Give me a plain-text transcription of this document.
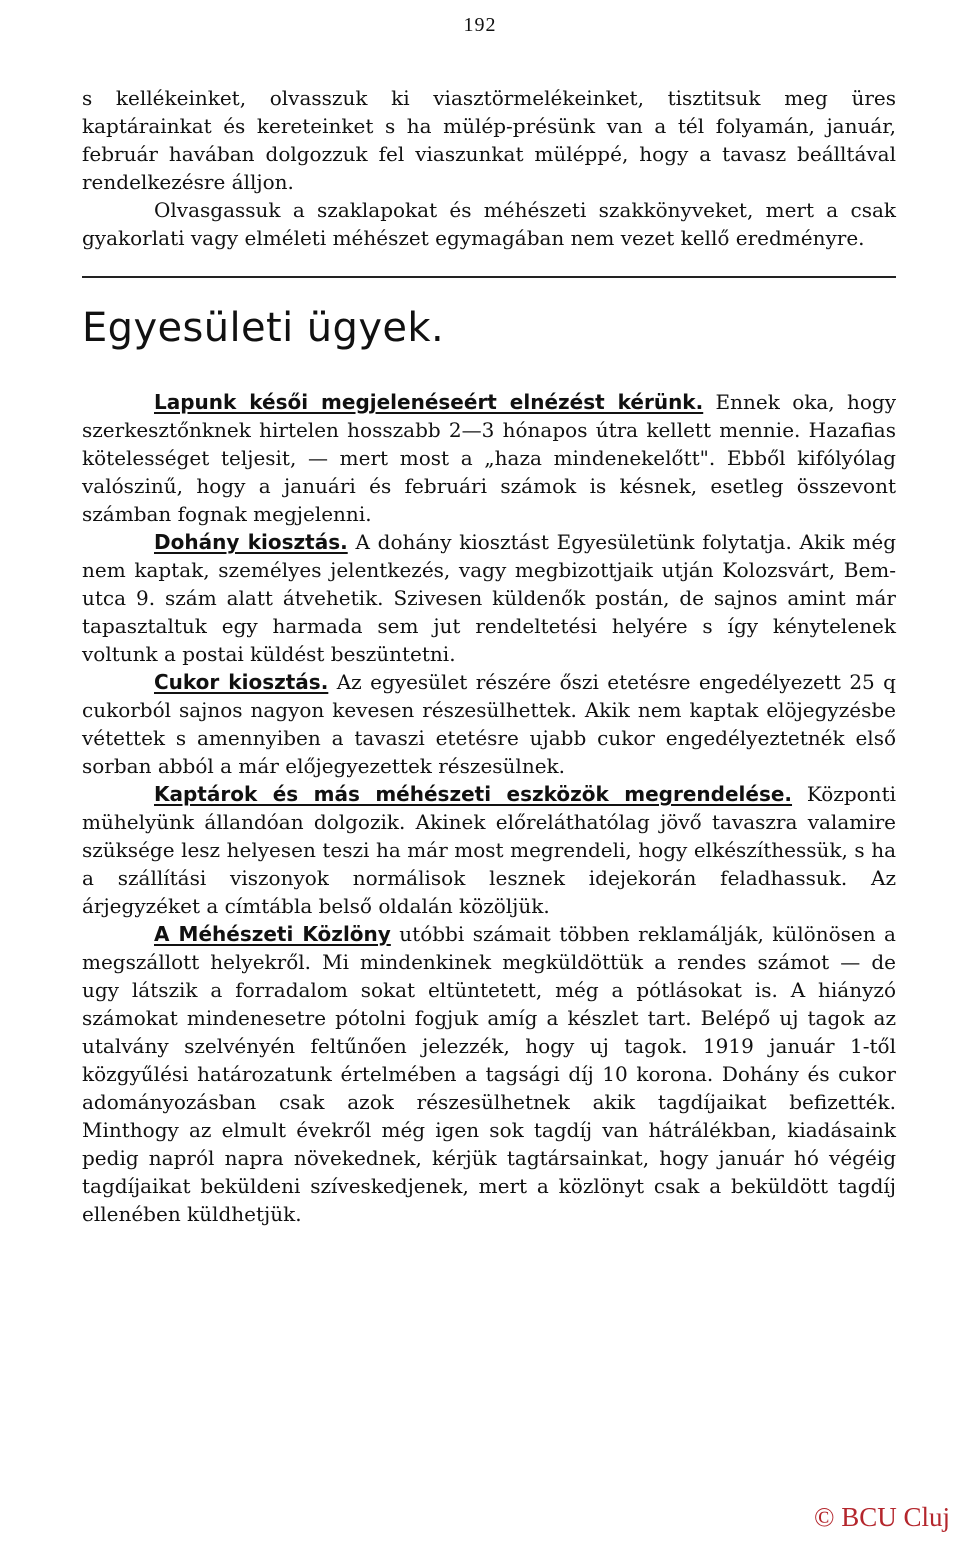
192

s kellékeinket, olvasszuk ki viasztörmelékeinket, tisztitsuk meg üres kaptárainkat és kereteinket s ha mülép-présünk van a tél folyamán, január, február havában dolgozzuk fel viaszunkat müléppé, hogy a tavasz beálltával rendelkezésre álljon.

Olvasgassuk a szaklapokat és méhészeti szakkönyveket, mert a csak gyakorlati vagy elméleti méhészet egymagában nem vezet kellő eredményre.

Egyesületi ügyek.

Lapunk késői megjelenéseért elnézést kérünk. Ennek oka, hogy szerkesztőnknek hirtelen hosszabb 2—3 hónapos útra kellett mennie. Hazafias kötelességet teljesit, — mert most a „haza mindenekelőtt". Ebből kifólyólag valószinű, hogy a januári és februári számok is késnek, esetleg összevont számban fognak megjelenni.

Dohány kiosztás. A dohány kiosztást Egyesületünk folytatja. Akik még nem kaptak, személyes jelentkezés, vagy megbizottjaik utján Kolozsvárt, Bem-utca 9. szám alatt átvehetik. Szivesen küldenők postán, de sajnos amint már tapasztaltuk egy harmada sem jut rendeltetési helyére s így kénytelenek voltunk a postai küldést beszüntetni.

Cukor kiosztás. Az egyesület részére őszi etetésre engedélyezett 25 q cukorból sajnos nagyon kevesen részesülhettek. Akik nem kaptak elöjegyzésbe vétettek s amennyiben a tavaszi etetésre ujabb cukor engedélyeztetnék első sorban abból a már előjegyezettek részesülnek.

Kaptárok és más méhészeti eszközök megrendelése. Központi mühelyünk állandóan dolgozik. Akinek előreláthatólag jövő tavaszra valamire szüksége lesz helyesen teszi ha már most megrendeli, hogy elkészíthessük, s ha a szállítási viszonyok normálisok lesznek idejekorán feladhassuk. Az árjegyzéket a címtábla belső oldalán közöljük.

A Méhészeti Közlöny utóbbi számait többen reklamálják, különösen a megszállott helyekről. Mi mindenkinek megküldöttük a rendes számot — de ugy látszik a forradalom sokat eltüntetett, még a pótlásokat is. A hiányzó számokat mindenesetre pótolni fogjuk amíg a készlet tart. Belépő uj tagok az utalvány szelvényén feltűnően jelezzék, hogy uj tagok. 1919 január 1-től közgyűlési határozatunk értelmében a tagsági díj 10 korona. Dohány és cukor adományozásban csak azok részesülhetnek akik tagdíjaikat befizették. Minthogy az elmult évekről még igen sok tagdíj van hátrálékban, kiadásaink pedig napról napra növekednek, kérjük tagtársainkat, hogy január hó végéig tagdíjaikat beküldeni szíveskedjenek, mert a közlönyt csak a beküldött tagdíj ellenében küldhetjük.

© BCU Cluj
